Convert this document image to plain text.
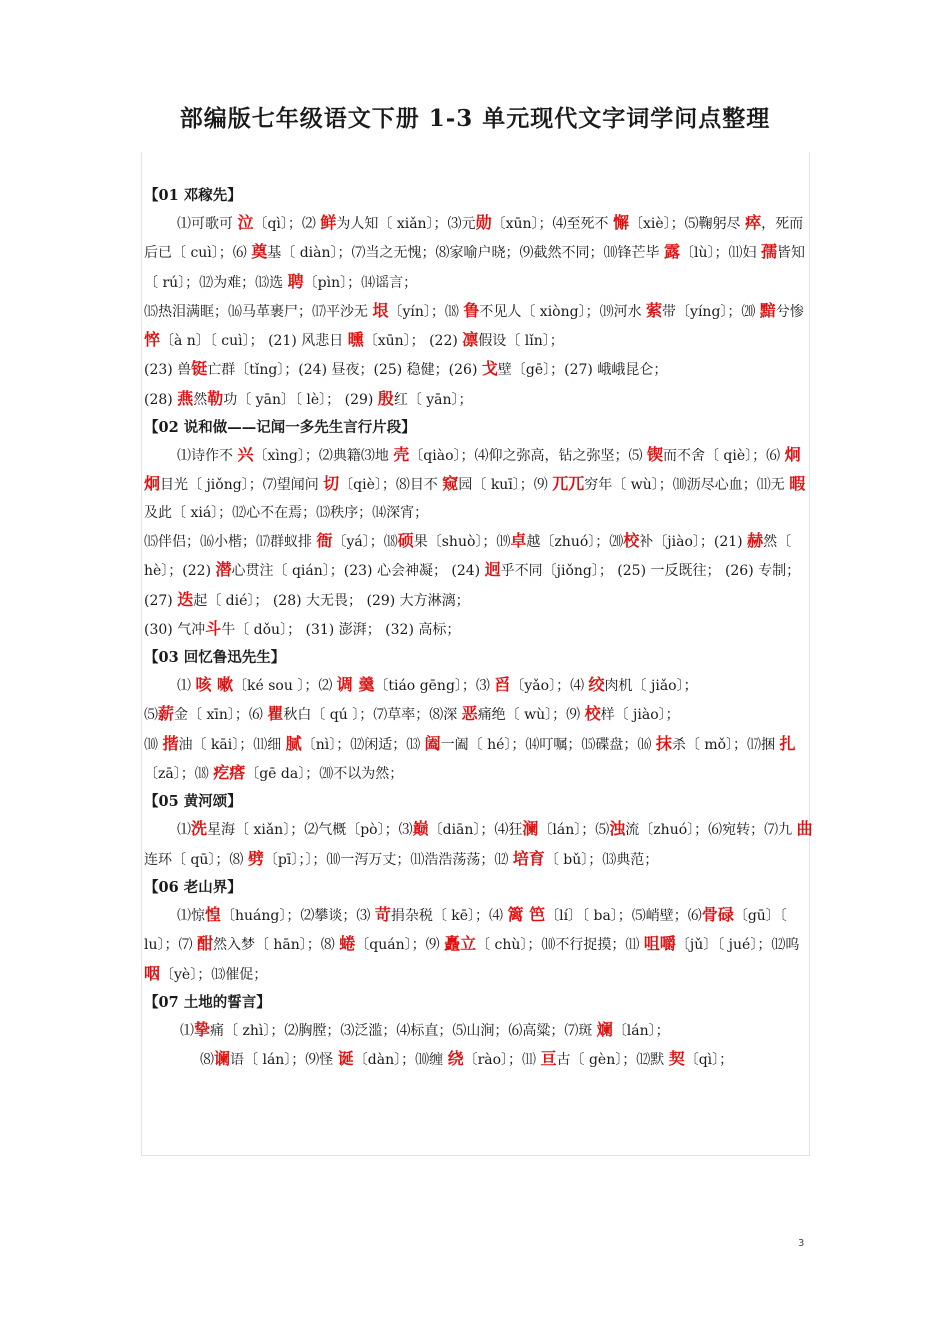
部编版七年级语文下册 1-3 单元现代文字词学问点整理
【01 邓稼先】
⑴可歌可 泣〔qì〕；⑵ 鲜为人知〔 xiǎn〕；⑶元勋〔xūn〕；⑷至死不 懈〔xiè〕；⑸鞠躬尽 瘁，死而后已〔 cuì〕；⑹ 奠基〔 diàn〕；⑺当之无愧；⑻家喻户晓；⑼截然不同；⑽锋芒毕 露〔lù〕；⑾妇 孺皆知〔 rú〕；⑿为难；⒀选 聘〔pìn〕；⒁谣言；
⒂热泪满眶；⒃马革裹尸；⒄平沙无 垠〔yín〕；⒅ 鲁不见人〔 xiòng〕；⒆河水 萦带〔yíng〕；⒇ 黯兮惨悴〔à n〕〔 cuì〕； (21) 风悲日 曛〔xūn〕； (22) 凛假设〔 lǐn〕；
(23) 兽铤亡群〔tǐng〕；(24) 昼夜；(25) 稳健；(26) 戈壁〔gē〕；(27) 峨峨昆仑；
(28) 燕然勒功〔 yān〕〔 lè〕； (29) 殷红〔 yān〕；
【02 说和做——记闻一多先生言行片段】
⑴诗作不 兴〔xìng〕；⑵典籍⑶地 壳〔qiào〕；⑷仰之弥高，钻之弥坚；⑸ 锲而不舍〔 qiè〕；⑹ 炯炯目光〔 jiǒng〕；⑺望闻问 切〔qiè〕；⑻目不 窥园〔 kuī〕；⑼ 兀兀穷年〔 wù〕；⑽沥尽心血；⑾无 暇及此〔 xiá〕；⑿心不在焉；⒀秩序；⒁深宵；
⒂伴侣；⒃小楷；⒄群蚁排 衙〔yá〕；⒅硕果〔shuò〕；⒆卓越〔zhuó〕；⒇校补〔jiào〕；(21) 赫然〔 hè〕；(22) 潜心贯注〔 qián〕；(23) 心会神凝； (24) 迥乎不同〔jiǒng〕； (25) 一反既往； (26) 专制； (27) 迭起〔 dié〕； (28) 大无畏； (29) 大方淋漓；
(30) 气冲斗牛〔 dǒu〕； (31) 澎湃； (32) 高标；
【03 回忆鲁迅先生】
⑴ 咳 嗽〔ké sou 〕；⑵ 调 羹〔tiáo gēng〕；⑶ 舀〔yǎo〕；⑷ 绞肉机〔 jiǎo〕；
⑸薪金〔 xīn〕；⑹ 瞿秋白〔 qú 〕；⑺草率；⑻深 恶痛绝〔 wù〕；⑼ 校样〔 jiào〕；
⑽ 揩油〔 kāi〕；⑾细 腻〔nì〕；⑿闲适；⒀ 阖一阖〔 hé〕；⒁叮嘱；⒂碟盘；⒃ 抹杀〔 mǒ〕；⒄捆 扎〔zā〕；⒅ 疙瘩〔gē da〕；⒇不以为然；
【05 黄河颂】
⑴洗星海〔 xiǎn〕；⑵气概〔pò〕；⑶巅〔diān〕；⑷狂澜〔lán〕；⑸浊流〔zhuó〕；⑹宛转；⑺九 曲连环〔 qū〕；⑻ 劈〔pī〕；〕；⑽一泻万丈；⑾浩浩荡荡；⑿ 培育〔 bǔ〕；⒀典范；
【06 老山界】
⑴惊惶〔huáng〕；⑵攀谈；⑶ 苛捐杂税〔 kē〕；⑷ 篱 笆〔lí〕〔 ba〕；⑸峭壁；⑹骨碌〔gū〕〔 lu〕；⑺ 酣然入梦〔 hān〕；⑻ 蜷〔quán〕；⑼ 矗立〔 chù〕；⑽不行捉摸；⑾ 咀嚼〔jǔ〕〔 jué〕；⑿呜 咽〔yè〕；⒀催促；
【07 土地的誓言】
⑴挚痛〔 zhì〕；⑵胸膛；⑶泛滥；⑷标直；⑸山涧；⑹高粱；⑺斑 斓〔lán〕；
⑻谰语〔 lán〕；⑼怪 诞〔dàn〕；⑽缠 绕〔rào〕；⑾ 亘古〔 gèn〕；⑿默 契〔qì〕；
3
